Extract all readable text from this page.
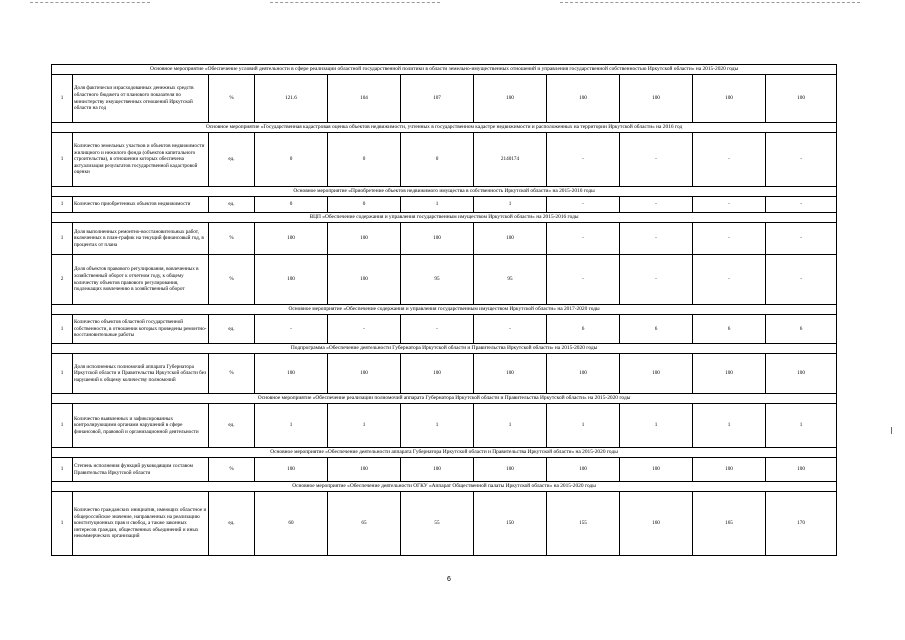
Основное мероприятие «Обеспечение условий деятельности в сфере реализации областной государственной политики в области земельно-имущественных отношений и управления государственной собственностью Иркутской области» на 2015-2020 годы										
1	Доля фактически израсходованных денежных средств областного бюджета от планового показателя по министерству имущественных отношений Иркутской области на год	%	121.6	104	107	100	100	100	100	100
Основное мероприятие «Государственная кадастровая оценка объектов недвижимости, учтенных в государственном кадастре недвижимости и расположенных на территории Иркутской области» на 2016 год										
1	Количество земельных участков и объектов недвижимости жилищного и нежилого фонда (объектов капитального строительства), в отношении которых обеспечена актуализация результатов государственной кадастровой оценки	ед.	0	0	0	2140174	-	-	-	-
Основное мероприятие «Приобретение объектов недвижимого имущества в собственность Иркутской области» на 2015-2016 годы										
1	Количество приобретенных объектов недвижимости	ед.	0	0	1	1	-	-	-	-
ВЦП «Обеспечение содержания и управления государственным имуществом Иркутской области» на 2015-2016 годы										
1	Доля выполненных ремонтно-восстановительных работ, включенных в план-график на текущий финансовый год, в процентах от плана	%	100	100	100	100	-	-	-	-
2	Доля объектов правового регулирования, вовлеченных в хозяйственный оборот к отчетном году, к общему количеству объектов правового регулирования, подлежащих вовлечению в хозяйственный оборот	%	100	100	95	95	-	-	-	-
Основное мероприятие «Обеспечение содержания и управления государственным имуществом Иркутской области» на 2017-2020 годы										
1	Количество объектов областной государственной собственности, в отношении которых проведены ремонтно-восстановительные работы	ед.	-	-	-	-	6	6	6	6
Подпрограмма «Обеспечение деятельности Губернатора Иркутской области и Правительства Иркутской области» на 2015-2020 годы										
1	Доля исполненных полномочий аппарата Губернатора Иркутской области и Правительства Иркутской области без нарушений к общему количеству полномочий	%	100	100	100	100	100	100	100	100
Основное мероприятие «Обеспечение реализации полномочий аппарата Губернатора Иркутской области и Правительства Иркутской области» на 2015-2020 годы										
1	Количество выявленных и зафиксированных контролирующими органами нарушений в сфере финансовой, правовой и организационной деятельности	ед.	1	1	1	1	1	1	1	1
Основное мероприятие «Обеспечение деятельности аппарата Губернатора Иркутской области и Правительства Иркутской области» на 2015-2020 годы										
1	Степень исполнения функций руководящим составом Правительства Иркутской области	%	100	100	100	100	100	100	100	100
Основное мероприятие «Обеспечение деятельности ОГКУ «Аппарат Общественной палаты Иркутской области» на 2015-2020 годы										
1	Количество гражданских инициатив, имеющих областное и общероссийское значение, направленных на реализацию конституционных прав и свобод, а также законных интересов граждан, общественных объединений и иных некоммерческих организаций	ед.	60	65	55	150	155	160	165	170
6
